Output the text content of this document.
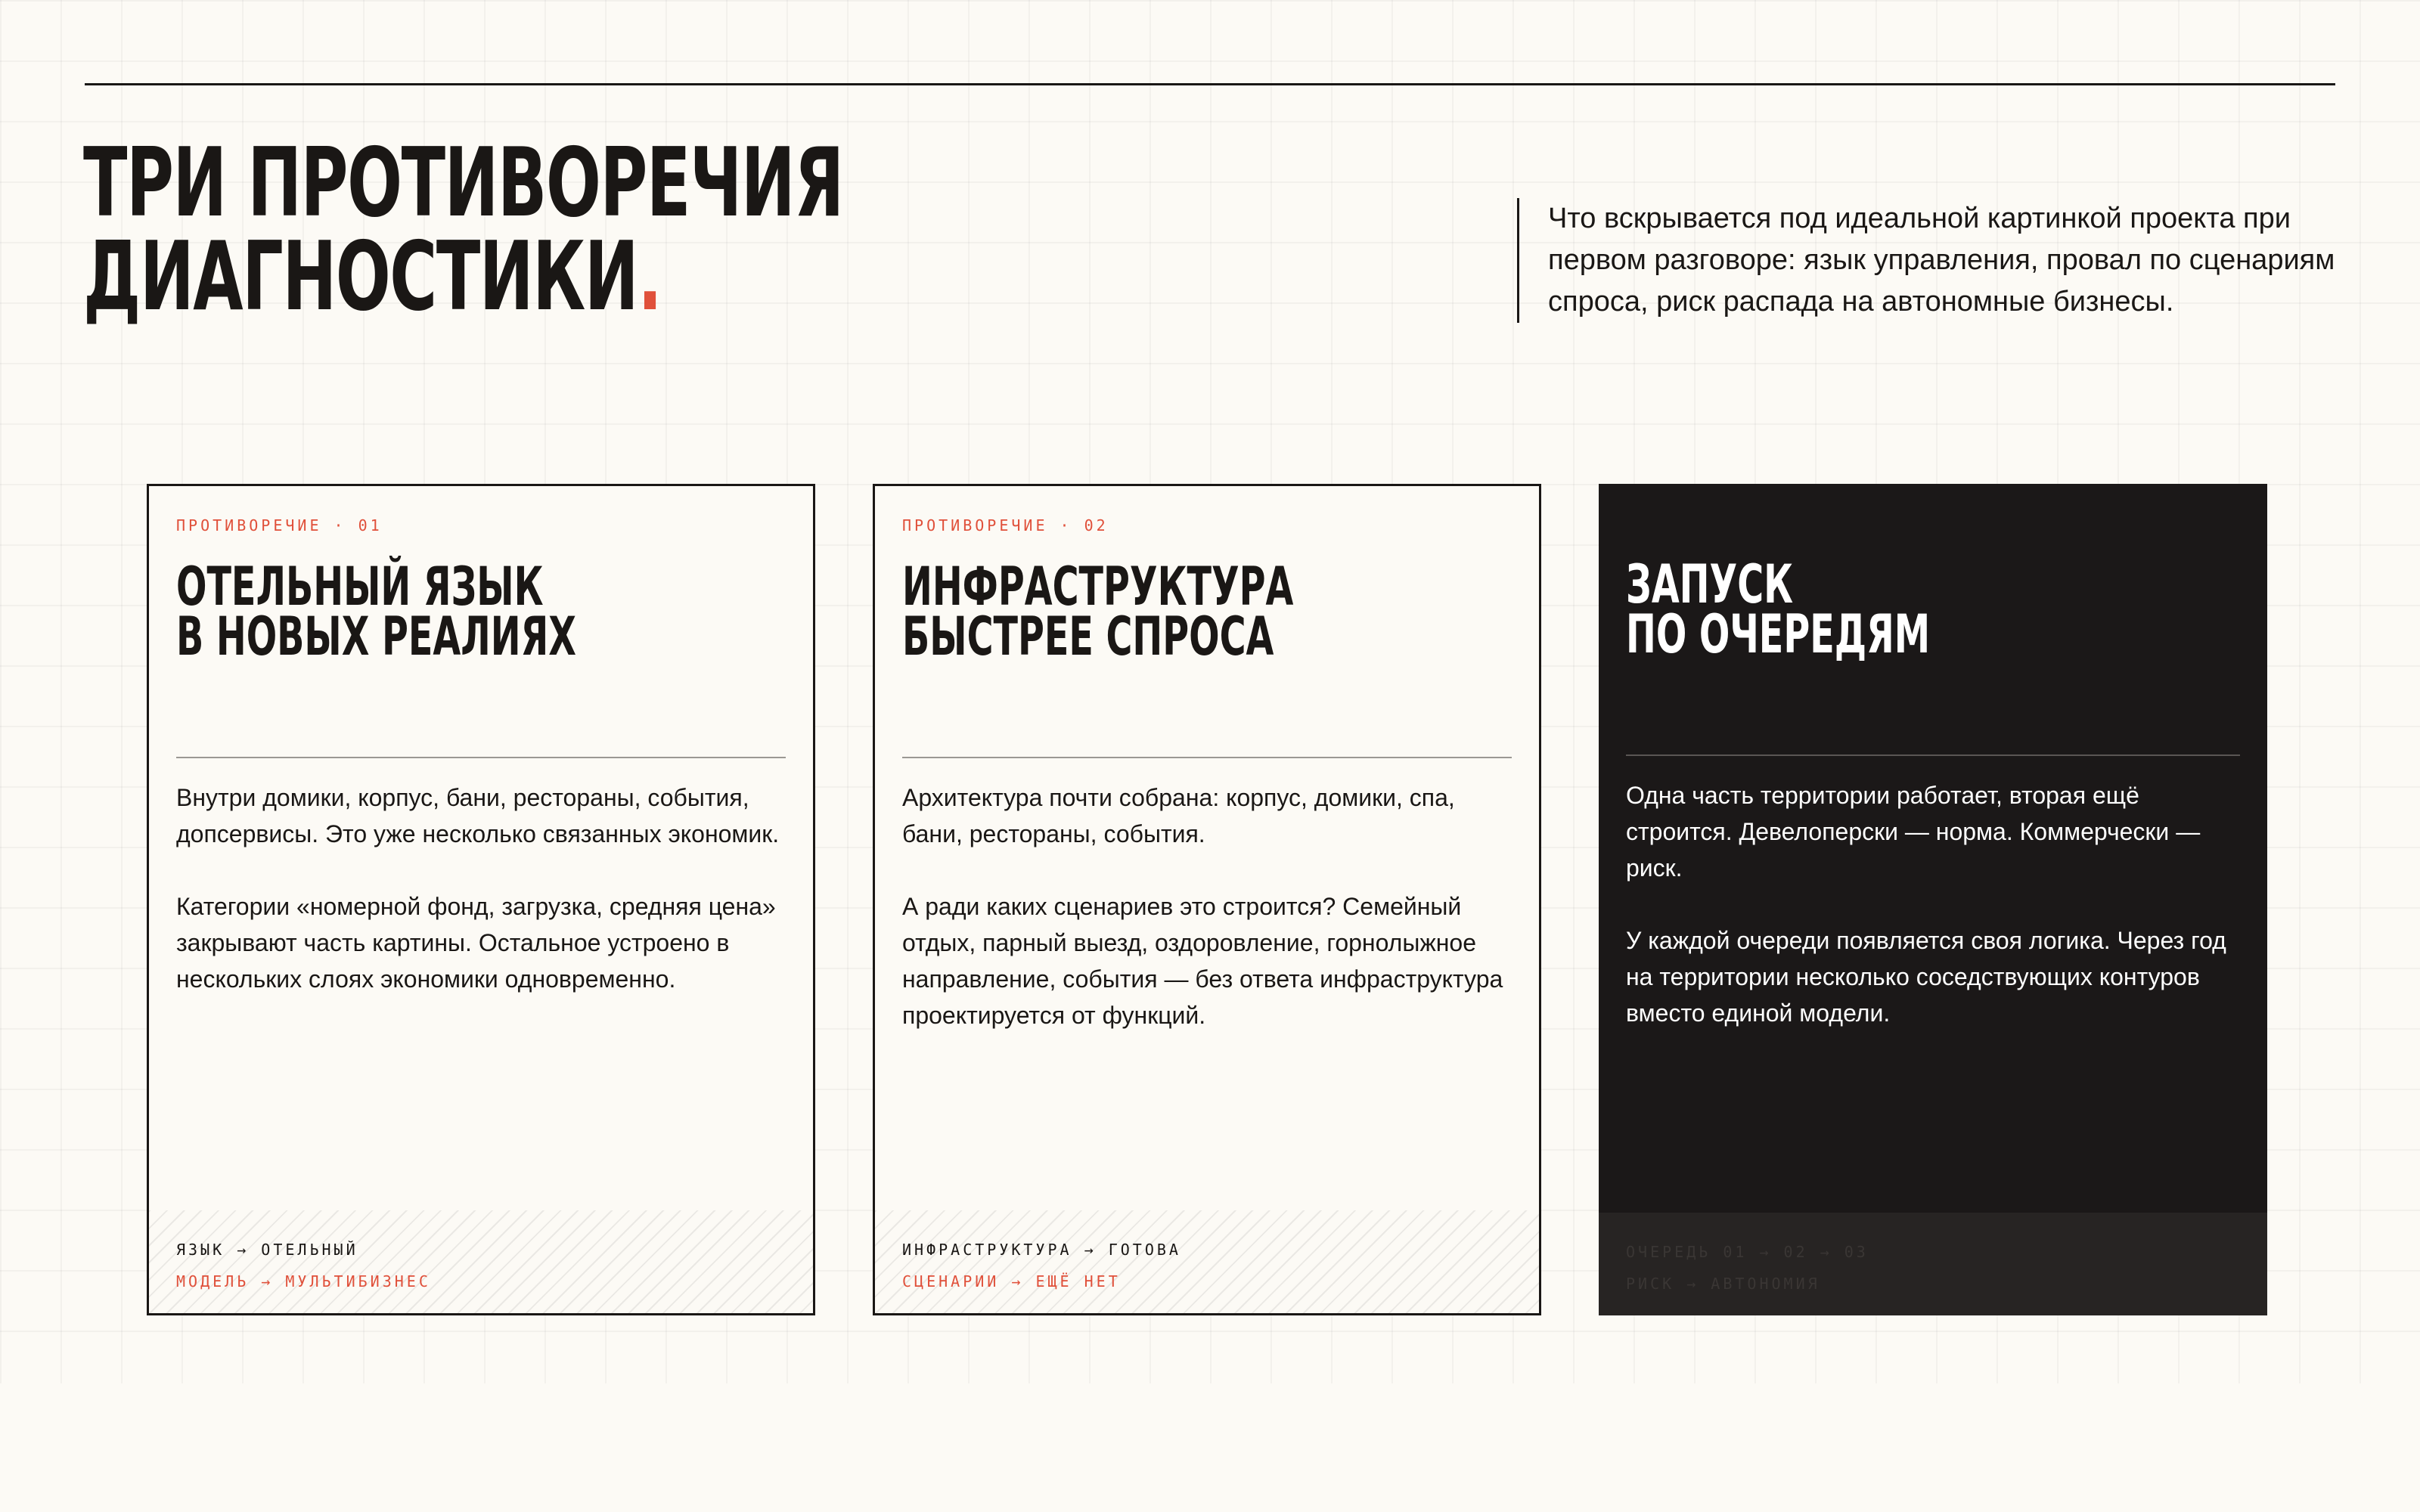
ТРИ ПРОТИВОРЕЧИЯ
ДИАГНОСТИКИ.
Что вскрывается под идеальной картинкой проекта при первом разговоре: язык управления, провал по сценариям спроса, риск распада на автономные бизнесы.
ПРОТИВОРЕЧИЕ · 01
ОТЕЛЬНЫЙ ЯЗЫК
В НОВЫХ РЕАЛИЯХ

Внутри домики, корпус, бани, рестораны, события, допсервисы. Это уже несколько связанных экономик.

Категории «номерной фонд, загрузка, средняя цена» закрывают часть картины. Остальное устроено в нескольких слоях экономики одновременно.

ЯЗЫК → ОТЕЛЬНЫЙ
МОДЕЛЬ → МУЛЬТИБИЗНЕС
ПРОТИВОРЕЧИЕ · 02
ИНФРАСТРУКТУРА
БЫСТРЕЕ СПРОСА

Архитектура почти собрана: корпус, домики, спа, бани, рестораны, события.

А ради каких сценариев это строится? Семейный отдых, парный выезд, оздоровление, горнолыжное направление, события — без ответа инфраструктура проектируется от функций.

ИНФРАСТРУКТУРА → ГОТОВА
СЦЕНАРИИ → ЕЩЁ НЕТ
ЗАПУСК
ПО ОЧЕРЕДЯМ

Одна часть территории работает, вторая ещё строится. Девелоперски — норма. Коммерчески — риск.

У каждой очереди появляется своя логика. Через год на территории несколько соседствующих контуров вместо единой модели.

ОЧЕРЕДЬ 01 → 02 → 03
РИСК → АВТОНОМИЯ
